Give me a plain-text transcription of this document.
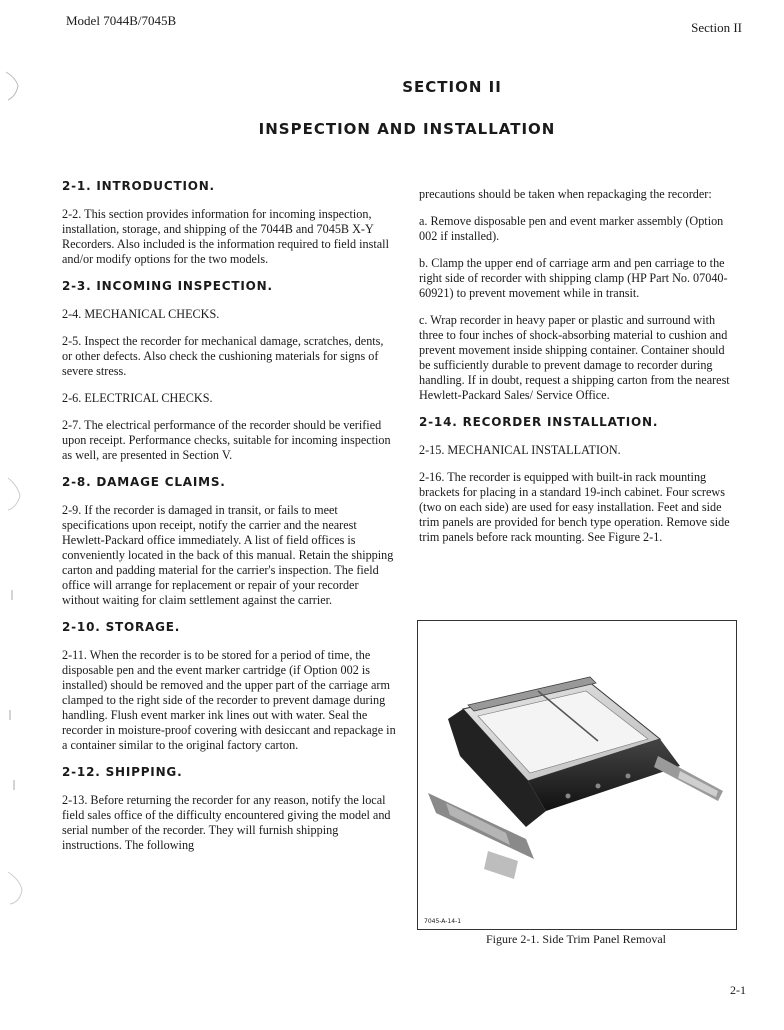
Model 7044B/7045B	Section II
SECTION II
INSPECTION AND INSTALLATION
2-1. INTRODUCTION.

2-2. This section provides information for incoming inspection, installation, storage, and shipping of the 7044B and 7045B X-Y Recorders. Also included is the information required to field install and/or modify options for the two models.

2-3. INCOMING INSPECTION.

2-4. MECHANICAL CHECKS.

2-5. Inspect the recorder for mechanical damage, scratches, dents, or other defects. Also check the cushioning materials for signs of severe stress.

2-6. ELECTRICAL CHECKS.

2-7. The electrical performance of the recorder should be verified upon receipt. Performance checks, suitable for incoming inspection as well, are presented in Section V.

2-8. DAMAGE CLAIMS.

2-9. If the recorder is damaged in transit, or fails to meet specifications upon receipt, notify the carrier and the nearest Hewlett-Packard office immediately. A list of field offices is conveniently located in the back of this manual. Retain the shipping carton and padding material for the carrier's inspection. The field office will arrange for replacement or repair of your recorder without waiting for claim settlement against the carrier.

2-10. STORAGE.

2-11. When the recorder is to be stored for a period of time, the disposable pen and the event marker cartridge (if Option 002 is installed) should be removed and the upper part of the carriage arm clamped to the right side of the recorder to prevent damage during handling. Flush event marker ink lines out with water. Seal the recorder in moisture-proof covering with desiccant and repackage in a container similar to the original factory carton.

2-12. SHIPPING.

2-13. Before returning the recorder for any reason, notify the local field sales office of the difficulty encountered giving the model and serial number of the recorder. They will furnish shipping instructions. The following

precautions should be taken when repackaging the recorder:

a. Remove disposable pen and event marker assembly (Option 002 if installed).

b. Clamp the upper end of carriage arm and pen carriage to the right side of recorder with shipping clamp (HP Part No. 07040-60921) to prevent movement while in transit.

c. Wrap recorder in heavy paper or plastic and surround with three to four inches of shock-absorbing material to cushion and prevent movement inside shipping container. Container should be sufficiently durable to prevent damage to recorder during handling. If in doubt, request a shipping carton from the nearest Hewlett-Packard Sales/ Service Office.

2-14. RECORDER INSTALLATION.

2-15. MECHANICAL INSTALLATION.

2-16. The recorder is equipped with built-in rack mounting brackets for placing in a standard 19-inch cabinet. Four screws (two on each side) are used for easy installation. Feet and side trim panels are provided for bench type operation. Remove side trim panels before rack mounting. See Figure 2-1.

7045-A-14-1
Figure 2-1. Side Trim Panel Removal
2-1
